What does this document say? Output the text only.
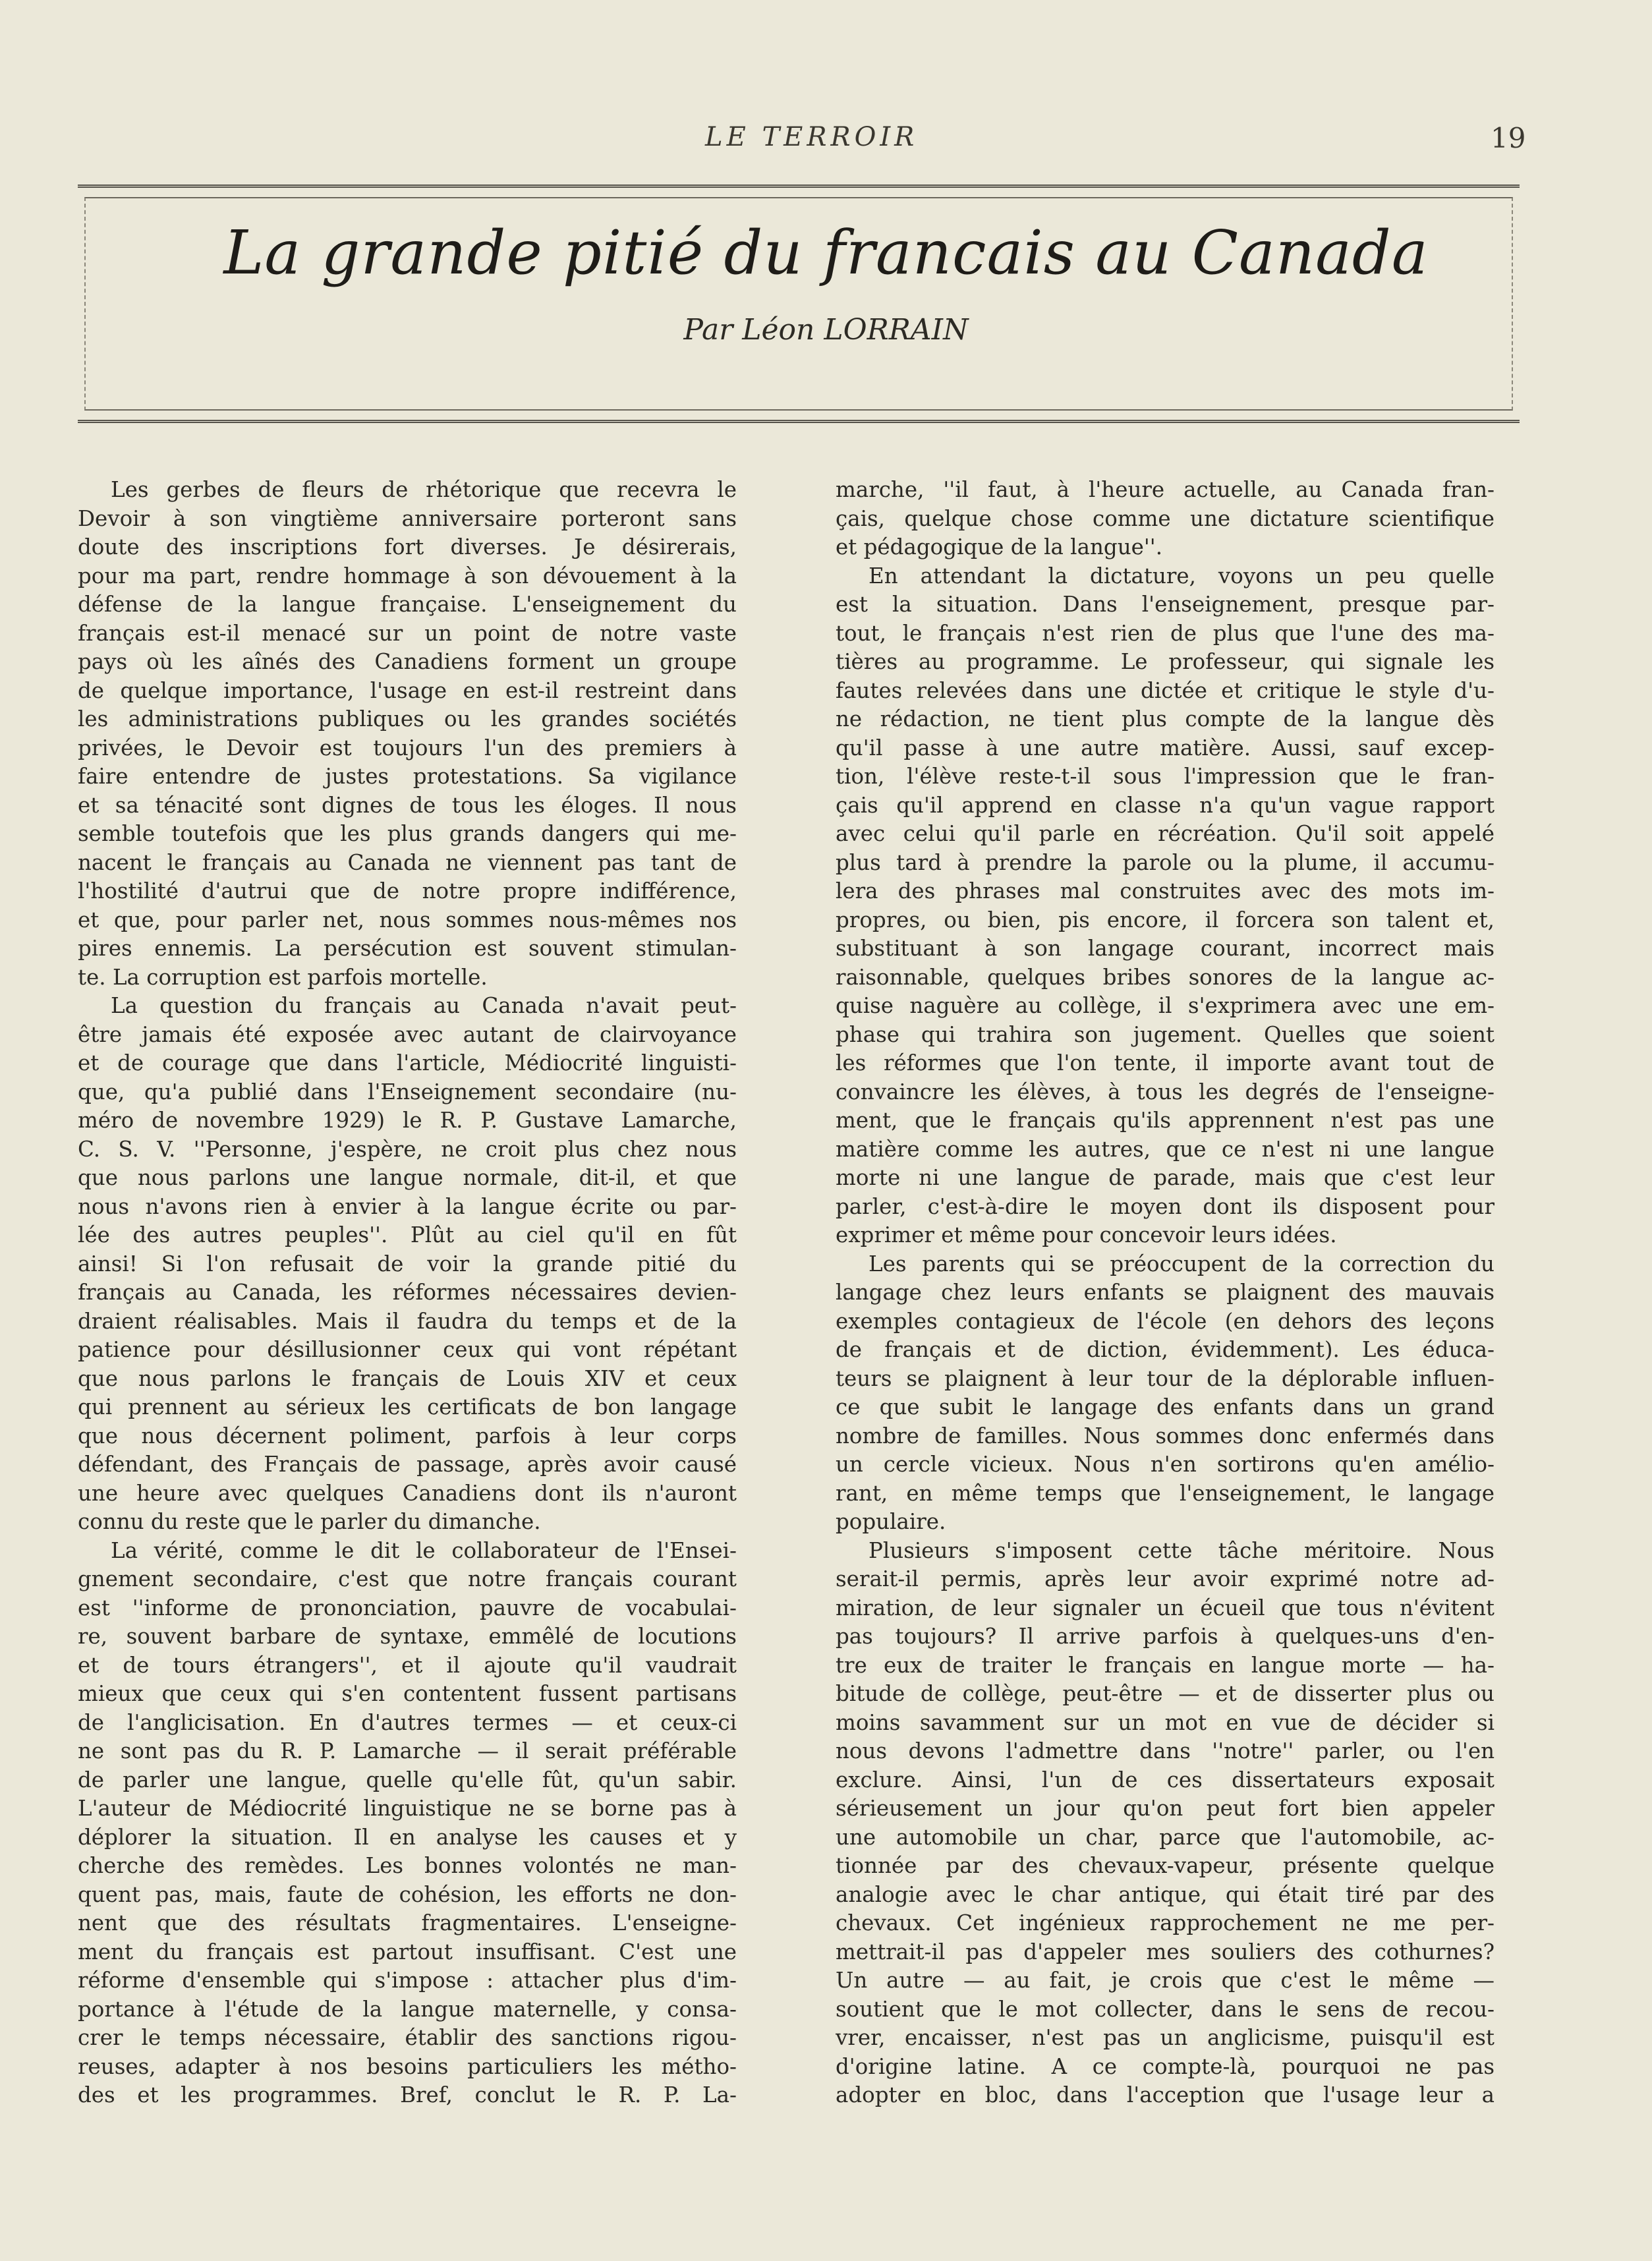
LE TERROIR	19
La grande pitié du francais au Canada
Par Léon LORRAIN
Les gerbes de fleurs de rhétorique que recevra le
Devoir à son vingtième anniversaire porteront sans
doute des inscriptions fort diverses. Je désirerais,
pour ma part, rendre hommage à son dévouement à la
défense de la langue française. L'enseignement du
français est-il menacé sur un point de notre vaste
pays où les aînés des Canadiens forment un groupe
de quelque importance, l'usage en est-il restreint dans
les administrations publiques ou les grandes sociétés
privées, le Devoir est toujours l'un des premiers à
faire entendre de justes protestations. Sa vigilance
et sa ténacité sont dignes de tous les éloges. Il nous
semble toutefois que les plus grands dangers qui me-
nacent le français au Canada ne viennent pas tant de
l'hostilité d'autrui que de notre propre indifférence,
et que, pour parler net, nous sommes nous-mêmes nos
pires ennemis. La persécution est souvent stimulan-
te. La corruption est parfois mortelle.
La question du français au Canada n'avait peut-
être jamais été exposée avec autant de clairvoyance
et de courage que dans l'article, Médiocrité linguisti-
que, qu'a publié dans l'Enseignement secondaire (nu-
méro de novembre 1929) le R. P. Gustave Lamarche,
C. S. V. ''Personne, j'espère, ne croit plus chez nous
que nous parlons une langue normale, dit-il, et que
nous n'avons rien à envier à la langue écrite ou par-
lée des autres peuples''. Plût au ciel qu'il en fût
ainsi! Si l'on refusait de voir la grande pitié du
français au Canada, les réformes nécessaires devien-
draient réalisables. Mais il faudra du temps et de la
patience pour désillusionner ceux qui vont répétant
que nous parlons le français de Louis XIV et ceux
qui prennent au sérieux les certificats de bon langage
que nous décernent poliment, parfois à leur corps
défendant, des Français de passage, après avoir causé
une heure avec quelques Canadiens dont ils n'auront
connu du reste que le parler du dimanche.
La vérité, comme le dit le collaborateur de l'Ensei-
gnement secondaire, c'est que notre français courant
est ''informe de prononciation, pauvre de vocabulai-
re, souvent barbare de syntaxe, emmêlé de locutions
et de tours étrangers'', et il ajoute qu'il vaudrait
mieux que ceux qui s'en contentent fussent partisans
de l'anglicisation. En d'autres termes — et ceux-ci
ne sont pas du R. P. Lamarche — il serait préférable
de parler une langue, quelle qu'elle fût, qu'un sabir.
L'auteur de Médiocrité linguistique ne se borne pas à
déplorer la situation. Il en analyse les causes et y
cherche des remèdes. Les bonnes volontés ne man-
quent pas, mais, faute de cohésion, les efforts ne don-
nent que des résultats fragmentaires. L'enseigne-
ment du français est partout insuffisant. C'est une
réforme d'ensemble qui s'impose : attacher plus d'im-
portance à l'étude de la langue maternelle, y consa-
crer le temps nécessaire, établir des sanctions rigou-
reuses, adapter à nos besoins particuliers les métho-
des et les programmes. Bref, conclut le R. P. La-
marche, ''il faut, à l'heure actuelle, au Canada fran-
çais, quelque chose comme une dictature scientifique
et pédagogique de la langue''.
En attendant la dictature, voyons un peu quelle
est la situation. Dans l'enseignement, presque par-
tout, le français n'est rien de plus que l'une des ma-
tières au programme. Le professeur, qui signale les
fautes relevées dans une dictée et critique le style d'u-
ne rédaction, ne tient plus compte de la langue dès
qu'il passe à une autre matière. Aussi, sauf excep-
tion, l'élève reste-t-il sous l'impression que le fran-
çais qu'il apprend en classe n'a qu'un vague rapport
avec celui qu'il parle en récréation. Qu'il soit appelé
plus tard à prendre la parole ou la plume, il accumu-
lera des phrases mal construites avec des mots im-
propres, ou bien, pis encore, il forcera son talent et,
substituant à son langage courant, incorrect mais
raisonnable, quelques bribes sonores de la langue ac-
quise naguère au collège, il s'exprimera avec une em-
phase qui trahira son jugement. Quelles que soient
les réformes que l'on tente, il importe avant tout de
convaincre les élèves, à tous les degrés de l'enseigne-
ment, que le français qu'ils apprennent n'est pas une
matière comme les autres, que ce n'est ni une langue
morte ni une langue de parade, mais que c'est leur
parler, c'est-à-dire le moyen dont ils disposent pour
exprimer et même pour concevoir leurs idées.
Les parents qui se préoccupent de la correction du
langage chez leurs enfants se plaignent des mauvais
exemples contagieux de l'école (en dehors des leçons
de français et de diction, évidemment). Les éduca-
teurs se plaignent à leur tour de la déplorable influen-
ce que subit le langage des enfants dans un grand
nombre de familles. Nous sommes donc enfermés dans
un cercle vicieux. Nous n'en sortirons qu'en amélio-
rant, en même temps que l'enseignement, le langage
populaire.
Plusieurs s'imposent cette tâche méritoire. Nous
serait-il permis, après leur avoir exprimé notre ad-
miration, de leur signaler un écueil que tous n'évitent
pas toujours? Il arrive parfois à quelques-uns d'en-
tre eux de traiter le français en langue morte — ha-
bitude de collège, peut-être — et de disserter plus ou
moins savamment sur un mot en vue de décider si
nous devons l'admettre dans ''notre'' parler, ou l'en
exclure. Ainsi, l'un de ces dissertateurs exposait
sérieusement un jour qu'on peut fort bien appeler
une automobile un char, parce que l'automobile, ac-
tionnée par des chevaux-vapeur, présente quelque
analogie avec le char antique, qui était tiré par des
chevaux. Cet ingénieux rapprochement ne me per-
mettrait-il pas d'appeler mes souliers des cothurnes?
Un autre — au fait, je crois que c'est le même —
soutient que le mot collecter, dans le sens de recou-
vrer, encaisser, n'est pas un anglicisme, puisqu'il est
d'origine latine. A ce compte-là, pourquoi ne pas
adopter en bloc, dans l'acception que l'usage leur a
